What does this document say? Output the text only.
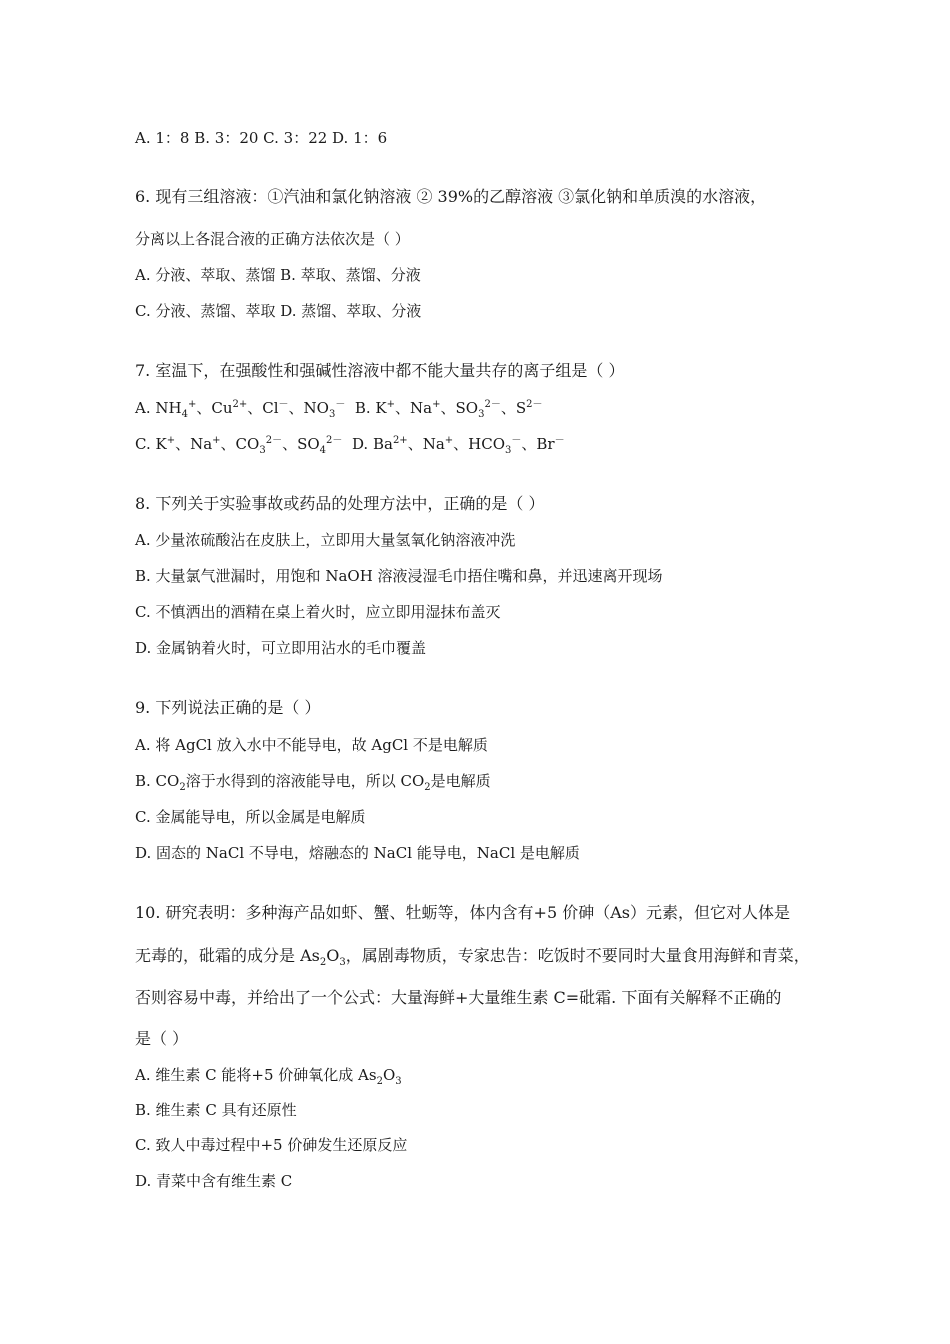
A. 1：8 B. 3：20 C. 3：22 D. 1：6
6. 现有三组溶液：①汽油和氯化钠溶液 ② 39%的乙醇溶液 ③氯化钠和单质溴的水溶液，
分离以上各混合液的正确方法依次是（ ）
A. 分液、萃取、蒸馏 B. 萃取、蒸馏、分液
C. 分液、蒸馏、萃取 D. 蒸馏、萃取、分液
7. 室温下，在强酸性和强碱性溶液中都不能大量共存的离子组是（ ）
A. $NH_4^+$、$Cu^{2+}$、Cl－、$NO_3^-$  B. K+、Na+、$SO_3^{2-}$、$S^{2-}$
C. K+、Na+、$CO_3^{2-}$、$SO_4^{2-}$  D. $Ba^{2+}$、Na+、$HCO_3^-$、Br－
8. 下列关于实验事故或药品的处理方法中，正确的是（ ）
A. 少量浓硫酸沾在皮肤上，立即用大量氢氧化钠溶液冲洗
B. 大量氯气泄漏时，用饱和 NaOH 溶液浸湿毛巾捂住嘴和鼻，并迅速离开现场
C. 不慎洒出的酒精在桌上着火时，应立即用湿抹布盖灭
D. 金属钠着火时，可立即用沾水的毛巾覆盖
9. 下列说法正确的是（ ）
A. 将 AgCl 放入水中不能导电，故 AgCl 不是电解质
B. $CO_2$溶于水得到的溶液能导电，所以 $CO_2$是电解质
C. 金属能导电，所以金属是电解质
D. 固态的 NaCl 不导电，熔融态的 NaCl 能导电，NaCl 是电解质
10. 研究表明：多种海产品如虾、蟹、牡蛎等，体内含有+5 价砷（As）元素，但它对人体是
无毒的，砒霜的成分是 $As_2O_3$，属剧毒物质，专家忠告：吃饭时不要同时大量食用海鲜和青菜，
否则容易中毒，并给出了一个公式：大量海鲜+大量维生素 C=砒霜. 下面有关解释不正确的
是（ ）
A. 维生素 C 能将+5 价砷氧化成 $As_2O_3$
B. 维生素 C 具有还原性
C. 致人中毒过程中+5 价砷发生还原反应
D. 青菜中含有维生素 C
